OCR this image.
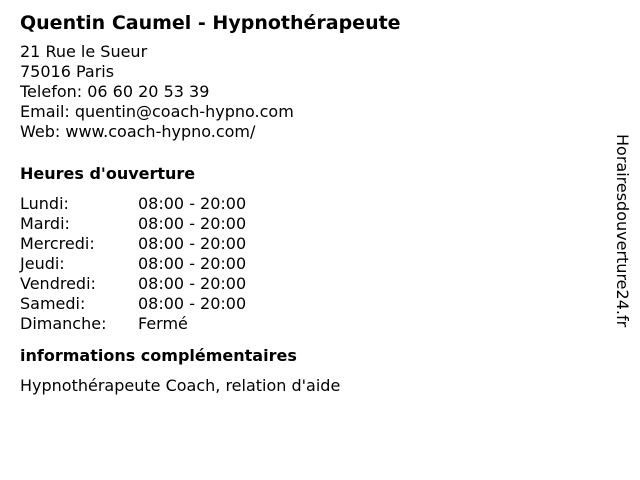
Quentin Caumel - Hypnothérapeute
21 Rue le Sueur
75016 Paris
Telefon: 06 60 20 53 39
Email: quentin@coach-hypno.com
Web: www.coach-hypno.com/
Heures d'ouverture
Lundi:	08:00 - 20:00
Mardi:	08:00 - 20:00
Mercredi:	08:00 - 20:00
Jeudi:	08:00 - 20:00
Vendredi:	08:00 - 20:00
Samedi:	08:00 - 20:00
Dimanche: Fermé
informations complémentaires
Hypnothérapeute Coach, relation d'aide
Horairesdouverture24.fr
